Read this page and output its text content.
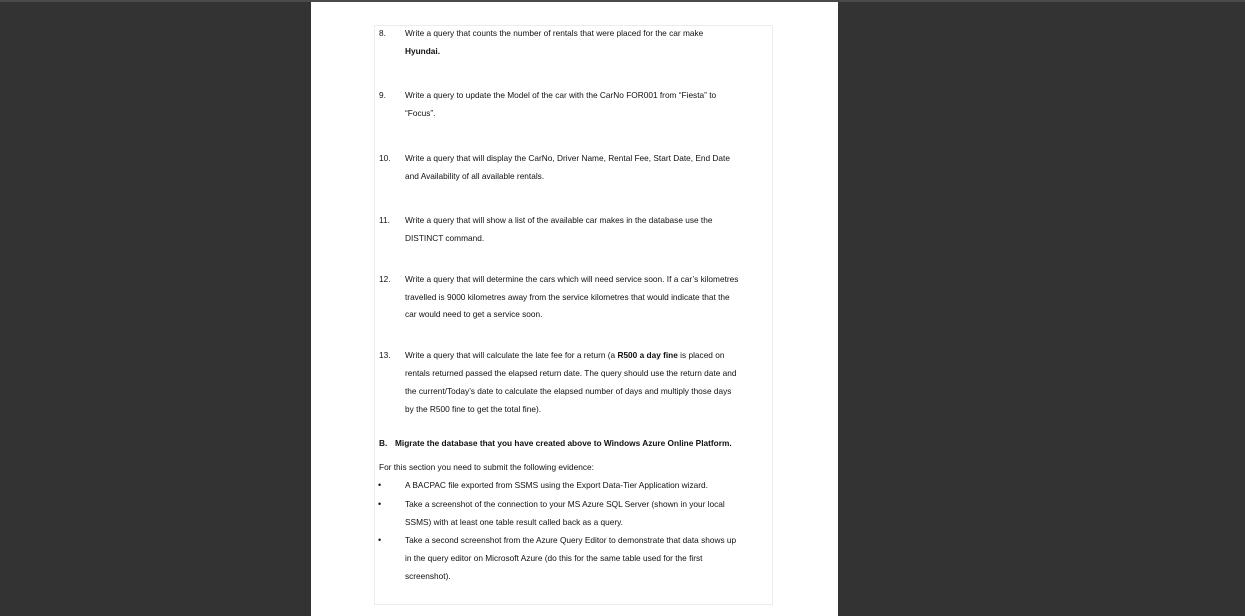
8. Write a query that counts the number of rentals that were placed for the car make
Hyundai.
9. Write a query to update the Model of the car with the CarNo FOR001 from “Fiesta” to
“Focus”.
10. Write a query that will display the CarNo, Driver Name, Rental Fee, Start Date, End Date
and Availability of all available rentals.
11. Write a query that will show a list of the available car makes in the database use the
DISTINCT command.
12. Write a query that will determine the cars which will need service soon. If a car’s kilometres
travelled is 9000 kilometres away from the service kilometres that would indicate that the
car would need to get a service soon.
13. Write a query that will calculate the late fee for a return (a R500 a day fine is placed on
rentals returned passed the elapsed return date. The query should use the return date and
the current/Today’s date to calculate the elapsed number of days and multiply those days
by the R500 fine to get the total fine).
B. Migrate the database that you have created above to Windows Azure Online Platform.
For this section you need to submit the following evidence:
•	A BACPAC file exported from SSMS using the Export Data-Tier Application wizard.
•	Take a screenshot of the connection to your MS Azure SQL Server (shown in your local
SSMS) with at least one table result called back as a query.
•	Take a second screenshot from the Azure Query Editor to demonstrate that data shows up
in the query editor on Microsoft Azure (do this for the same table used for the first
screenshot).
